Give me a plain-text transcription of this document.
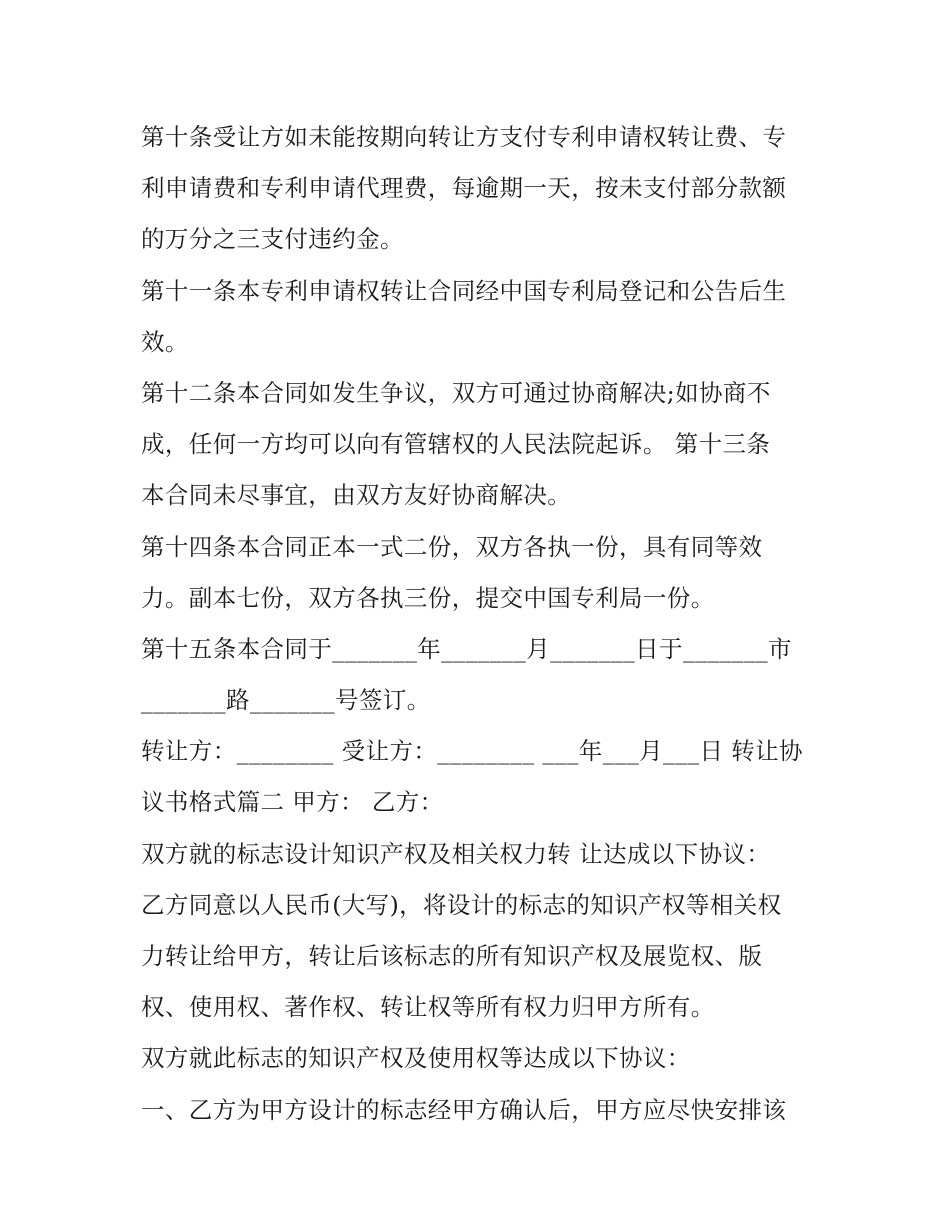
第十条受让方如未能按期向转让方支付专利申请权转让费、专
利申请费和专利申请代理费，每逾期一天，按未支付部分款额
的万分之三支付违约金。
第十一条本专利申请权转让合同经中国专利局登记和公告后生
效。
第十二条本合同如发生争议，双方可通过协商解决;如协商不
成，任何一方均可以向有管辖权的人民法院起诉。 第十三条
本合同未尽事宜，由双方友好协商解决。
第十四条本合同正本一式二份，双方各执一份，具有同等效
力。副本七份，双方各执三份，提交中国专利局一份。
第十五条本合同于_______年_______月_______日于_______市
_______路_______号签订。
转让方：________ 受让方：________ ___年___月___日 转让协
议书格式篇二 甲方： 乙方：
双方就的标志设计知识产权及相关权力转 让达成以下协议：
乙方同意以人民币(大写)，将设计的标志的知识产权等相关权
力转让给甲方，转让后该标志的所有知识产权及展览权、版
权、使用权、著作权、转让权等所有权力归甲方所有。
双方就此标志的知识产权及使用权等达成以下协议：
一、乙方为甲方设计的标志经甲方确认后，甲方应尽快安排该
